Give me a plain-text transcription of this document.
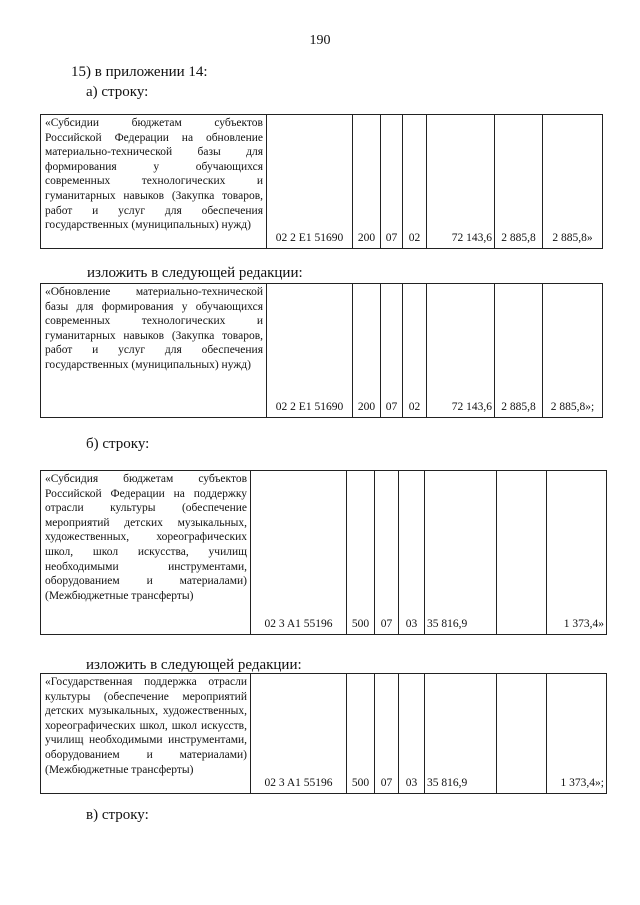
190
15) в приложении 14:
а) строку:
«Субсидии бюджетам субъектов Российской Федерации на обновление материально-технической базы для формирования у обучающихся современных технологических и гуманитарных навыков (Закупка товаров, работ и услуг для обеспечения государственных (муниципальных) нужд)	02 2 E1 51690	200	07	02	72 143,6	2 885,8	2 885,8»
изложить в следующей редакции:
«Обновление материально-технической базы для формирования у обучающихся современных технологических и гуманитарных навыков (Закупка товаров, работ и услуг для обеспечения государственных (муниципальных) нужд)	02 2 E1 51690	200	07	02	72 143,6	2 885,8	2 885,8»;
б) строку:
«Субсидия бюджетам субъектов Российской Федерации на поддержку отрасли культуры (обеспечение мероприятий детских музыкальных, художественных, хореографических школ, школ искусства, училищ необходимыми инструментами, оборудованием и материалами) (Межбюджетные трансферты)	02 3 A1 55196	500	07	03	35 816,9		1 373,4»
изложить в следующей редакции:
«Государственная поддержка отрасли культуры (обеспечение мероприятий детских музыкальных, художественных, хореографических школ, школ искусств, училищ необходимыми инструментами, оборудованием и материалами) (Межбюджетные трансферты)	02 3 A1 55196	500	07	03	35 816,9		1 373,4»;
в) строку:
